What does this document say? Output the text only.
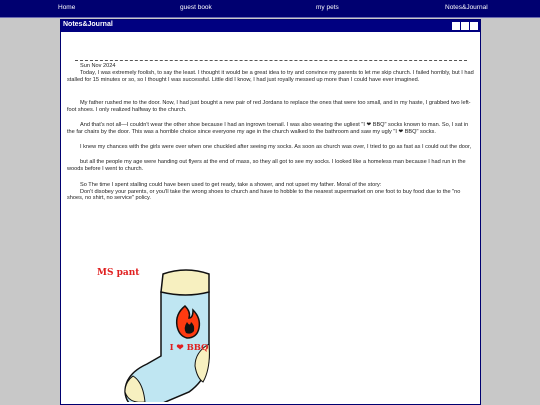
Home	guest book	my pets	Notes&Journal
Notes&Journal

Sun Nov 2024

Today, I was extremely foolish, to say the least. I thought it would be a great idea to try and convince my parents to let me skip church. I failed horribly, but I had stalled for 15 minutes or so, so I thought I was successful. Little did I know, I had just royally messed up more than I could have ever imagined.

My father rushed me to the door. Now, I had just bought a new pair of red Jordans to replace the ones that were too small, and in my haste, I grabbed two left-foot shoes. I only realized halfway to the church.

And that's not all—I couldn't wear the other shoe because I had an ingrown toenail. I was also wearing the ugliest "I ❤ BBQ" socks known to man. So, I sat in the far chairs by the door. This was a horrible choice since everyone my age in the church walked to the bathroom and saw my ugly "I ❤ BBQ" socks.

I knew my chances with the girls were over when one chuckled after seeing my socks. As soon as church was over, I tried to go as fast as I could out the door,

but all the people my age were handing out flyers at the end of mass, so they all got to see my socks. I looked like a homeless man because I had run in the woods before I went to church.

So The time I spent stalling could have been used to get ready, take a shower, and not upset my father. Moral of the story:
Don't disobey your parents, or you'll take the wrong shoes to church and have to hobble to the nearest supermarket on one foot to buy food due to the "no shoes, no shirt, no service" policy.

MS pant
I ❤ BBQ
